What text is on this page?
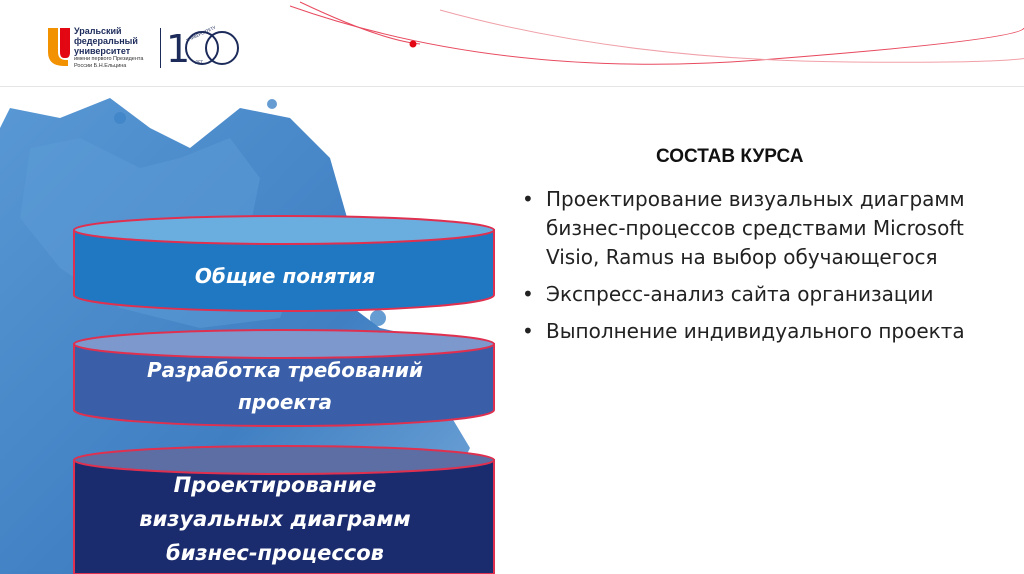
Уральский
федеральный
университет
имени первого Президента
России Б.Н.Ельцина	1
УНИВЕРСИТЕТУ
ЛЕТ
Общие понятия
Разработка требований проекта
Проектирование визуальных диаграмм бизнес-процессов
СОСТАВ КУРСА
• Проектирование визуальных диаграмм бизнес-процессов средствами Microsoft Visio, Ramus на выбор обучающегося
• Экспресс-анализ сайта организации
• Выполнение индивидуального проекта
